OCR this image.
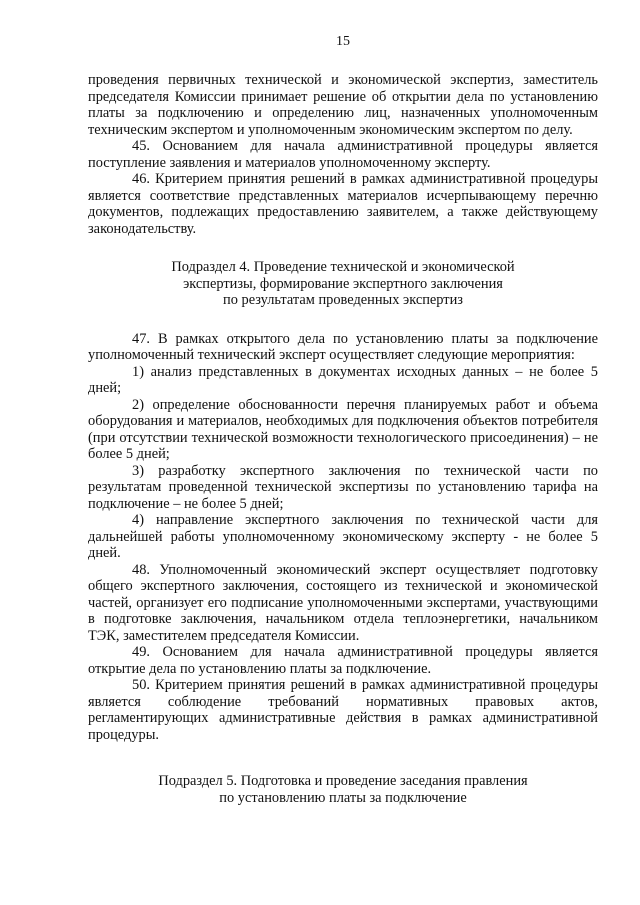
15

проведения первичных технической и экономической экспертиз, заместитель председателя Комиссии принимает решение об открытии дела по установлению платы за подключению и определению лиц, назначенных уполномоченным техническим экспертом и уполномоченным экономическим экспертом по делу.

45. Основанием для начала административной процедуры является поступление заявления и материалов уполномоченному эксперту.

46. Критерием принятия решений в рамках административной процедуры является соответствие представленных материалов исчерпывающему перечню документов, подлежащих предоставлению заявителем, а также действующему законодательству.

Подраздел 4. Проведение технической и экономической

экспертизы, формирование экспертного заключения

по результатам проведенных экспертиз

47. В рамках открытого дела по установлению платы за подключение уполномоченный технический эксперт осуществляет следующие мероприятия:

1) анализ представленных в документах исходных данных – не более 5 дней;

2) определение обоснованности перечня планируемых работ и объема оборудования и материалов, необходимых для подключения объектов потребителя (при отсутствии технической возможности технологического присоединения) – не более 5 дней;

3) разработку экспертного заключения по технической части по результатам проведенной технической экспертизы по установлению тарифа на подключение – не более 5 дней;

4) направление экспертного заключения по технической части для дальнейшей работы уполномоченному экономическому эксперту - не более 5 дней.

48. Уполномоченный экономический эксперт осуществляет подготовку общего экспертного заключения, состоящего из технической и экономической частей, организует его подписание уполномоченными экспертами, участвующими в подготовке заключения, начальником отдела теплоэнергетики, начальником ТЭК, заместителем председателя Комиссии.

49. Основанием для начала административной процедуры является открытие дела по установлению платы за подключение.

50. Критерием принятия решений в рамках административной процедуры является соблюдение требований нормативных правовых актов, регламентирующих административные действия в рамках административной процедуры.

Подраздел 5. Подготовка и проведение заседания правления

по установлению платы за подключение
